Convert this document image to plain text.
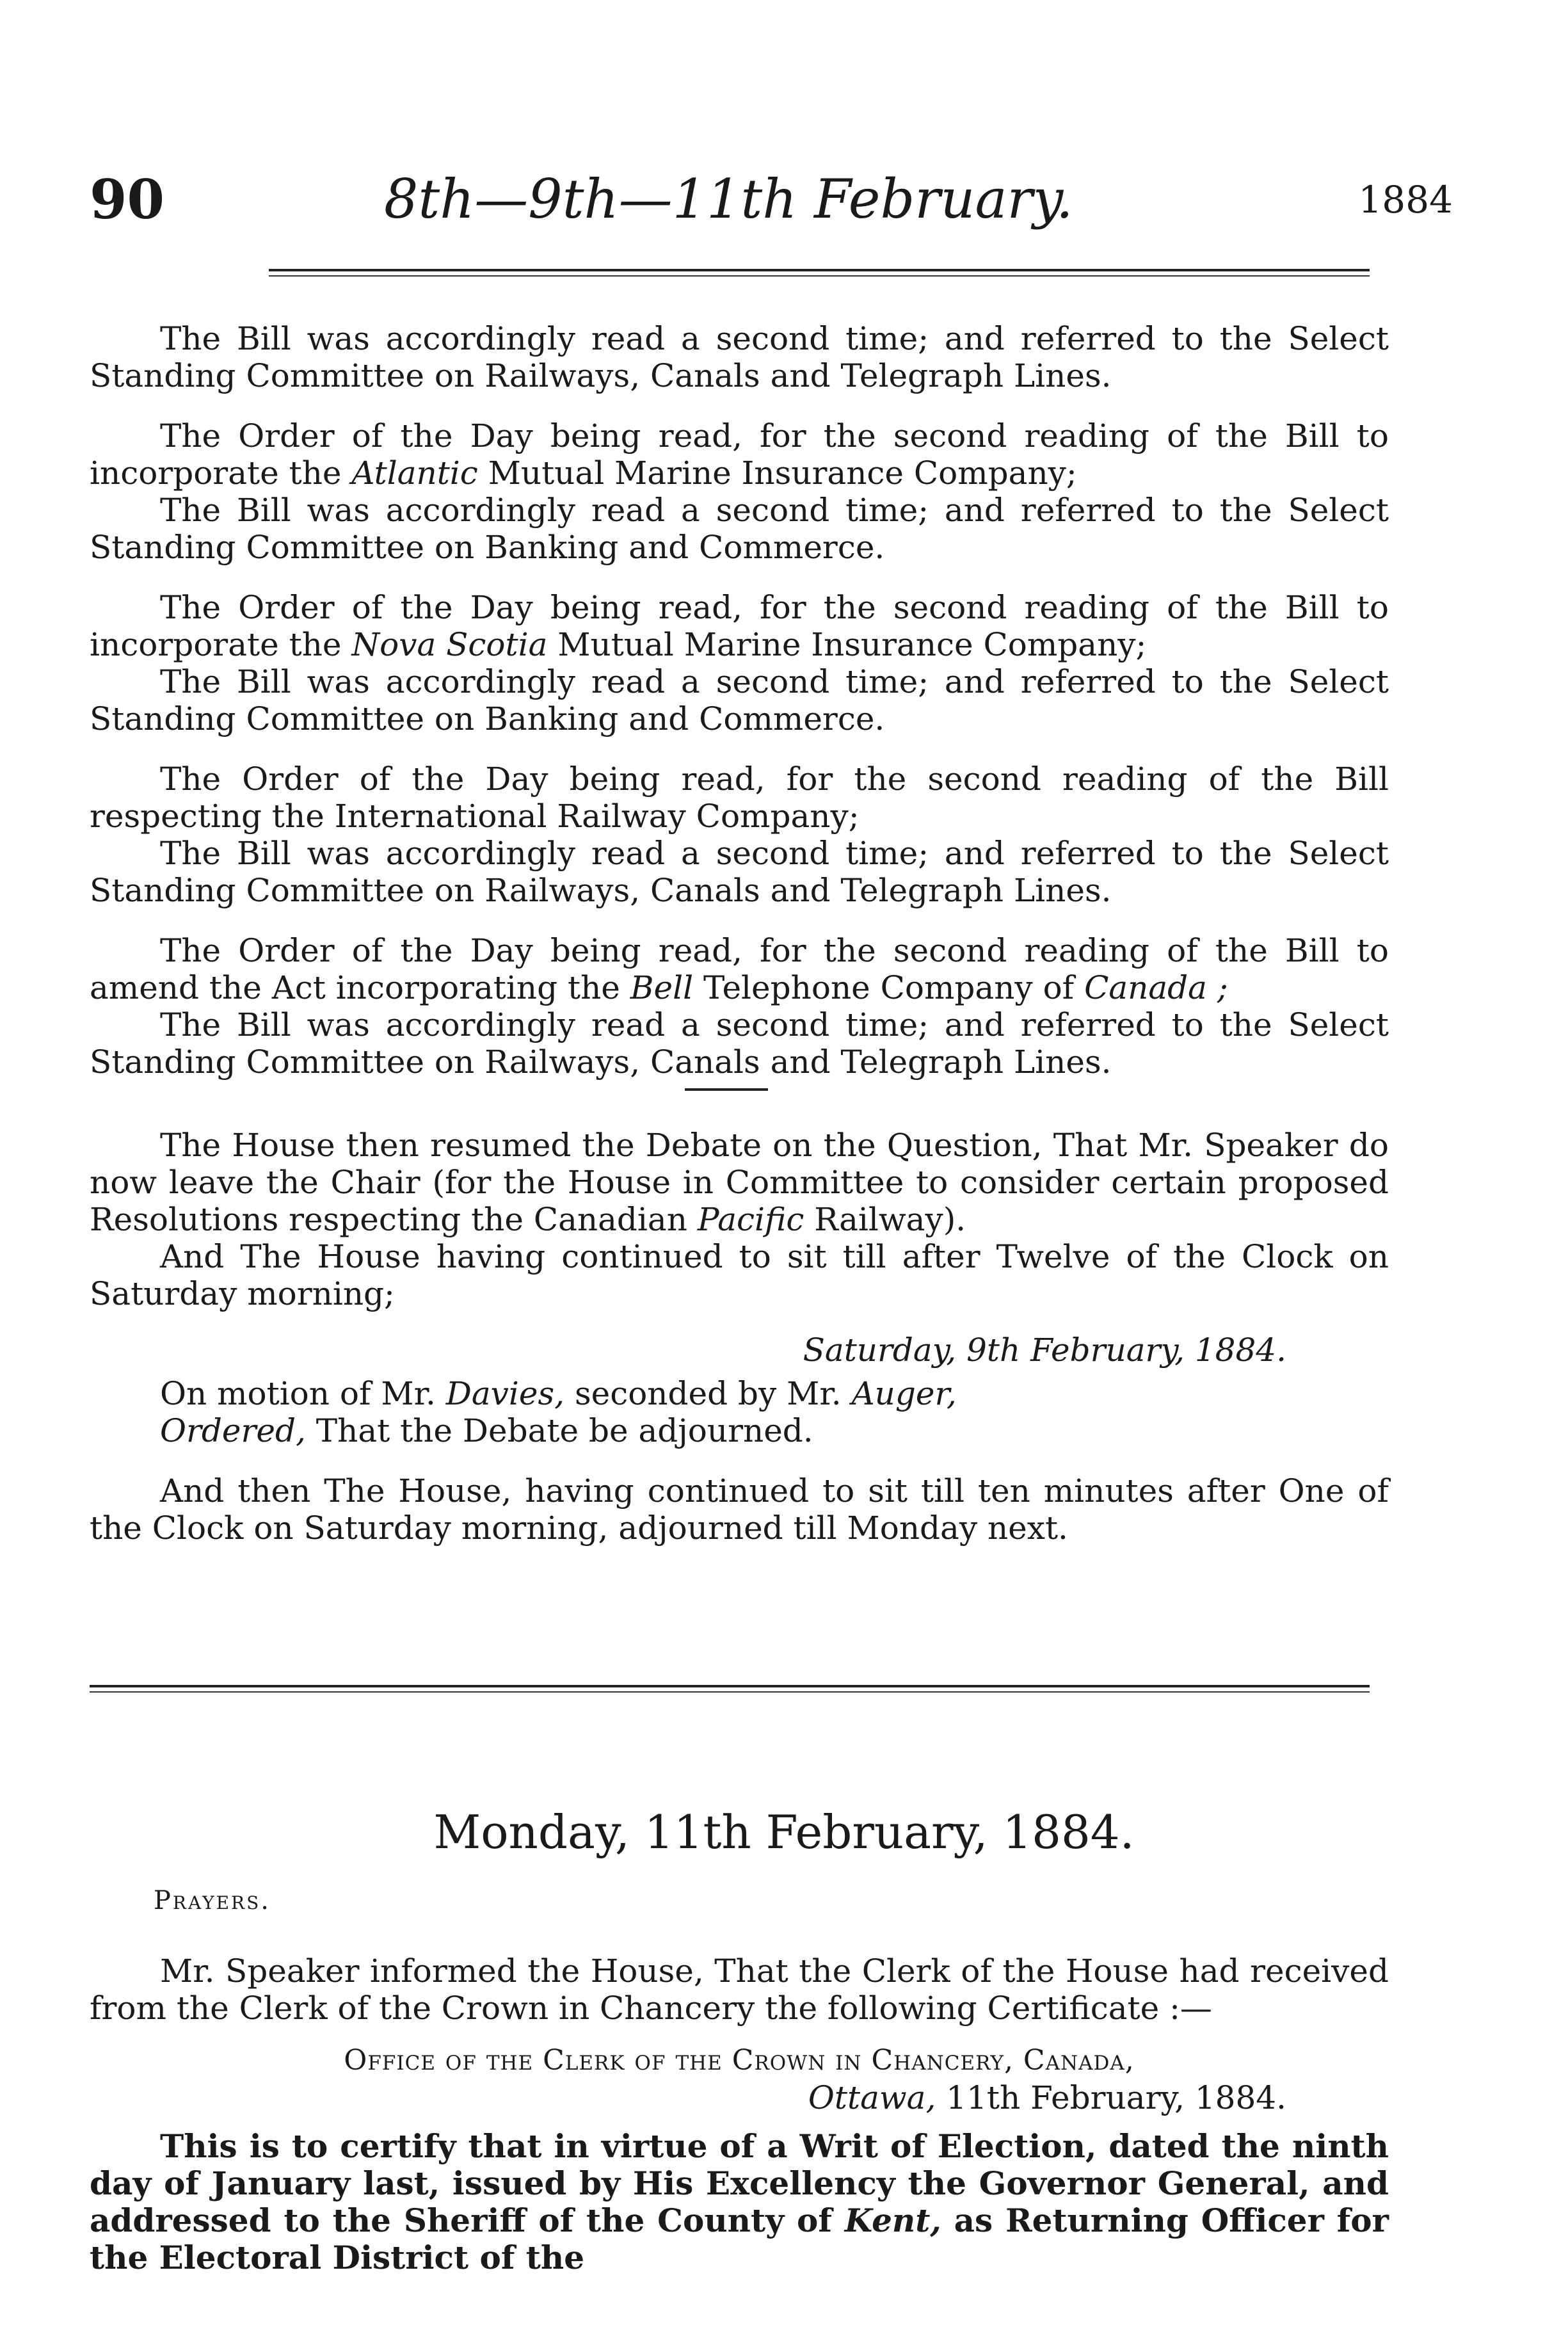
90	8th—9th—11th February.	1884

The Bill was accordingly read a second time; and referred to the Select Standing Committee on Railways, Canals and Telegraph Lines.

The Order of the Day being read, for the second reading of the Bill to incorporate the Atlantic Mutual Marine Insurance Company;

The Bill was accordingly read a second time; and referred to the Select Standing Committee on Banking and Commerce.

The Order of the Day being read, for the second reading of the Bill to incorporate the Nova Scotia Mutual Marine Insurance Company;

The Bill was accordingly read a second time; and referred to the Select Standing Committee on Banking and Commerce.

The Order of the Day being read, for the second reading of the Bill respecting the International Railway Company;

The Bill was accordingly read a second time; and referred to the Select Standing Committee on Railways, Canals and Telegraph Lines.

The Order of the Day being read, for the second reading of the Bill to amend the Act incorporating the Bell Telephone Company of Canada ;

The Bill was accordingly read a second time; and referred to the Select Standing Committee on Railways, Canals and Telegraph Lines.

The House then resumed the Debate on the Question, That Mr. Speaker do now leave the Chair (for the House in Committee to consider certain proposed Resolutions respecting the Canadian Pacific Railway).

And The House having continued to sit till after Twelve of the Clock on Saturday morning;

Saturday, 9th February, 1884.

On motion of Mr. Davies, seconded by Mr. Auger,

Ordered, That the Debate be adjourned.

And then The House, having continued to sit till ten minutes after One of the Clock on Saturday morning, adjourned till Monday next.

Monday, 11th February, 1884.
Prayers.

Mr. Speaker informed the House, That the Clerk of the House had received from the Clerk of the Crown in Chancery the following Certificate :—

Office of the Clerk of the Crown in Chancery, Canada,
Ottawa, 11th February, 1884.

This is to certify that in virtue of a Writ of Election, dated the ninth day of January last, issued by His Excellency the Governor General, and addressed to the Sheriff of the County of Kent, as Returning Officer for the Electoral District of the
